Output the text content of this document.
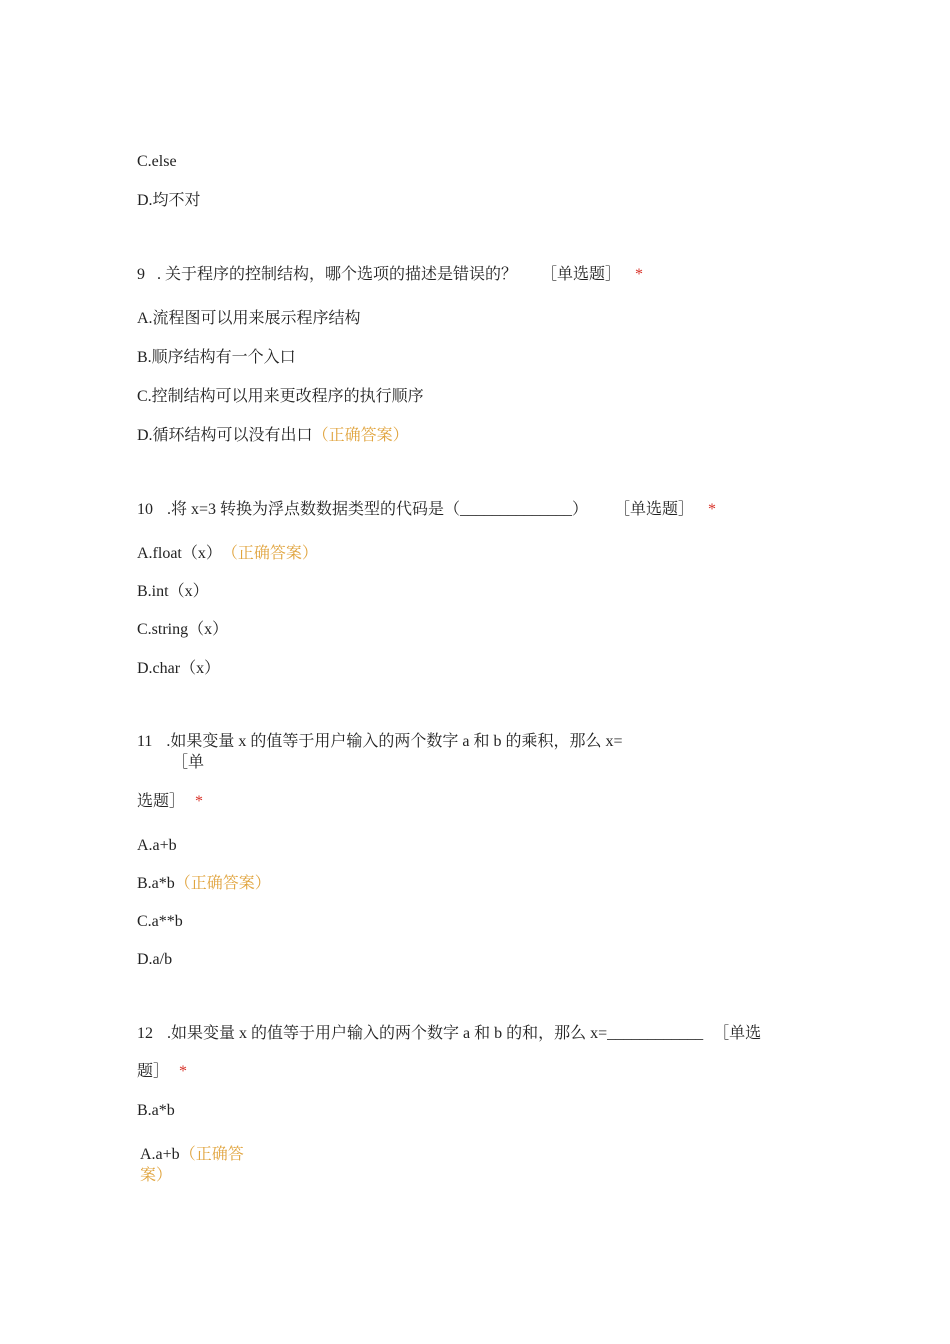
C.else
D.均不对
9 . 关于程序的控制结构，哪个选项的描述是错误的？ ［单选题］ *
A.流程图可以用来展示程序结构
B.顺序结构有一个入口
C.控制结构可以用来更改程序的执行顺序
D.循环结构可以没有出口（正确答案）
10 .将 x=3 转换为浮点数数据类型的代码是（______________） ［单选题］ *
A.float（x） （正确答案）
B.int（x）
C.string（x）
D.char（x）
11 .如果变量 x 的值等于用户输入的两个数字 a 和 b 的乘积，那么 x=
［单
选题］ *
A.a+b
B.a*b（正确答案）
C.a**b
D.a/b
12 .如果变量 x 的值等于用户输入的两个数字 a 和 b 的和，那么 x=____________ ［单选
题］ *
B.a*b
A.a+b（正确答
案）
